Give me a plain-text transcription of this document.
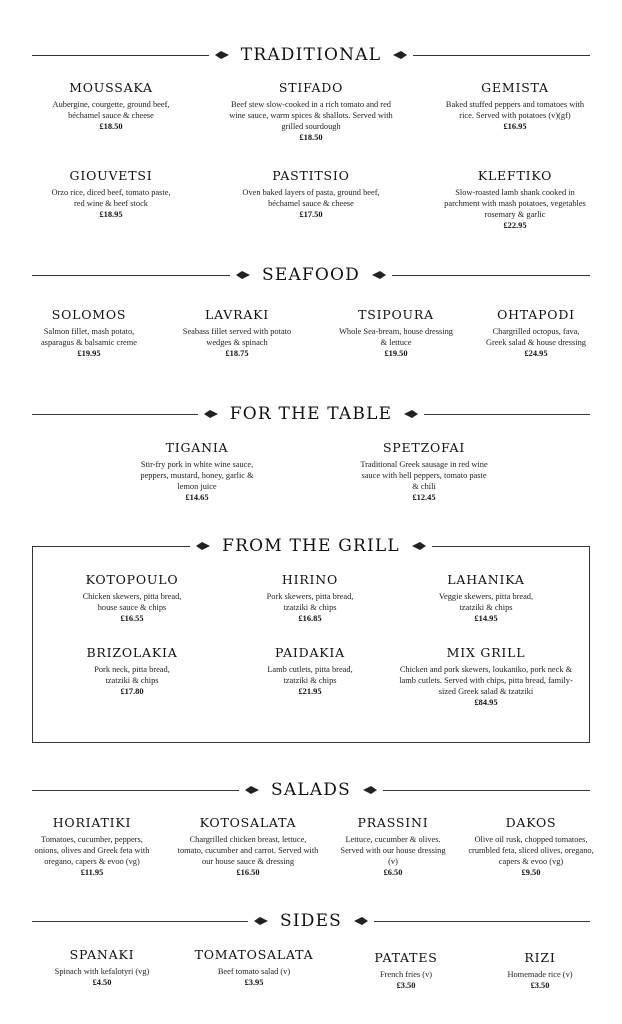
TRADITIONAL
MOUSSAKA
Aubergine, courgette, ground beef, béchamel sauce & cheese
£18.50
STIFADO
Beef stew slow-cooked in a rich tomato and red wine sauce, warm spices & shallots. Served with grilled sourdough
£18.50
GEMISTA
Baked stuffed peppers and tomatoes with rice. Served with potatoes (v)(gf)
£16.95
GIOUVETSI
Orzo rice, diced beef, tomato paste, red wine & beef stock
£18.95
PASTITSIO
Oven baked layers of pasta, ground beef, béchamel sauce & cheese
£17.50
KLEFTIKO
Slow-roasted lamb shank cooked in parchment with mash potatoes, vegetables rosemary & garlic
£22.95
SEAFOOD
SOLOMOS
Salmon fillet, mash potato, asparagus & balsamic creme
£19.95
LAVRAKI
Seabass fillet served with potato wedges & spinach
£18.75
TSIPOURA
Whole Sea-bream, house dressing & lettuce
£19.50
OHTAPODI
Chargrilled octopus, fava, Greek salad & house dressing
£24.95
FOR THE TABLE
TIGANIA
Stir-fry pork in white wine sauce, peppers, mustard, honey, garlic & lemon juice
£14.65
SPETZOFAI
Traditional Greek sausage in red wine sauce with bell peppers, tomato paste & chili
£12.45
FROM THE GRILL
KOTOPOULO
Chicken skewers, pitta bread, house sauce & chips
£16.55
HIRINO
Pork skewers, pitta bread, tzatziki & chips
£16.85
LAHANIKA
Veggie skewers, pitta bread, tzatziki & chips
£14.95
BRIZOLAKIA
Pork neck, pitta bread, tzatziki & chips
£17.80
PAIDAKIA
Lamb cutlets, pitta bread, tzatziki & chips
£21.95
MIX GRILL
Chicken and pork skewers, loukaniko, pork neck & lamb cutlets. Served with chips, pitta bread, family-sized Greek salad & tzatziki
£84.95
SALADS
HORIATIKI
Tomatoes, cucumber, peppers, onions, olives and Greek feta with oregano, capers & evoo (vg)
£11.95
KOTOSALATA
Chargrilled chicken breast, lettuce, tomato, cucumber and carrot. Served with our house sauce & dressing
£16.50
PRASSINI
Lettuce, cucumber & olives. Served with our house dressing (v)
£6.50
DAKOS
Olive oil rusk, chopped tomatoes, crumbled feta, sliced olives, oregano, capers & evoo (vg)
£9.50
SIDES
SPANAKI
Spinach with kefalotyri (vg)
£4.50
TOMATOSALATA
Beef tomato salad (v)
£3.95
PATATES
French fries (v)
£3.50
RIZI
Homemade rice (v)
£3.50
